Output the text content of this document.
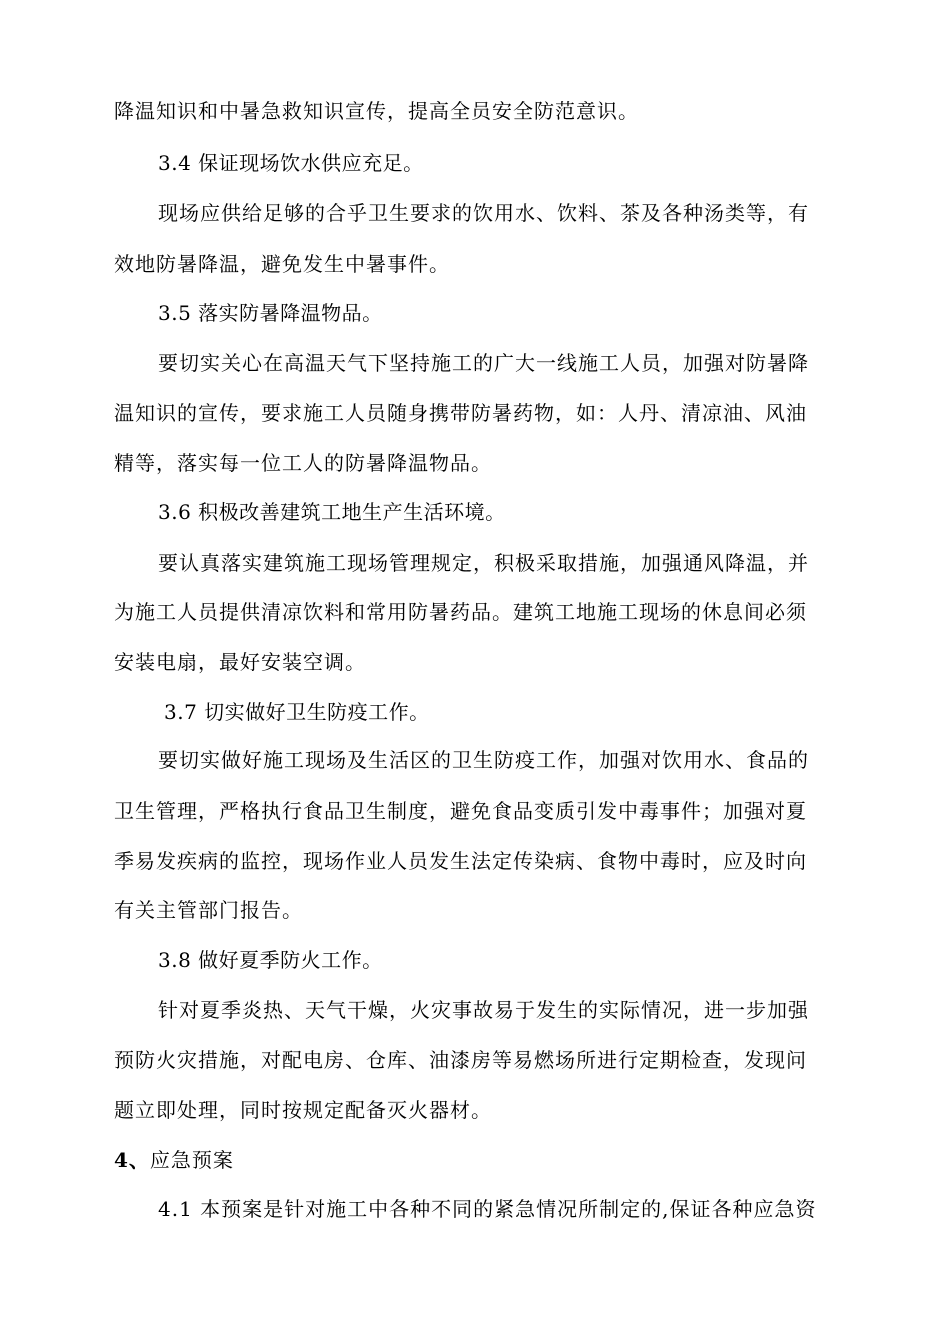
降温知识和中暑急救知识宣传，提高全员安全防范意识。
3.4 保证现场饮水供应充足。
现场应供给足够的合乎卫生要求的饮用水、饮料、茶及各种汤类等，有
效地防暑降温，避免发生中暑事件。
3.5 落实防暑降温物品。
要切实关心在高温天气下坚持施工的广大一线施工人员，加强对防暑降
温知识的宣传，要求施工人员随身携带防暑药物，如：人丹、清凉油、风油
精等，落实每一位工人的防暑降温物品。
3.6 积极改善建筑工地生产生活环境。
要认真落实建筑施工现场管理规定，积极采取措施，加强通风降温，并
为施工人员提供清凉饮料和常用防暑药品。建筑工地施工现场的休息间必须
安装电扇，最好安装空调。
3.7 切实做好卫生防疫工作。
要切实做好施工现场及生活区的卫生防疫工作，加强对饮用水、食品的
卫生管理，严格执行食品卫生制度，避免食品变质引发中毒事件；加强对夏
季易发疾病的监控，现场作业人员发生法定传染病、食物中毒时，应及时向
有关主管部门报告。
3.8 做好夏季防火工作。
针对夏季炎热、天气干燥，火灾事故易于发生的实际情况，进一步加强
预防火灾措施，对配电房、仓库、油漆房等易燃场所进行定期检查，发现问
题立即处理，同时按规定配备灭火器材。
4、应急预案
4.1 本预案是针对施工中各种不同的紧急情况所制定的,保证各种应急资
